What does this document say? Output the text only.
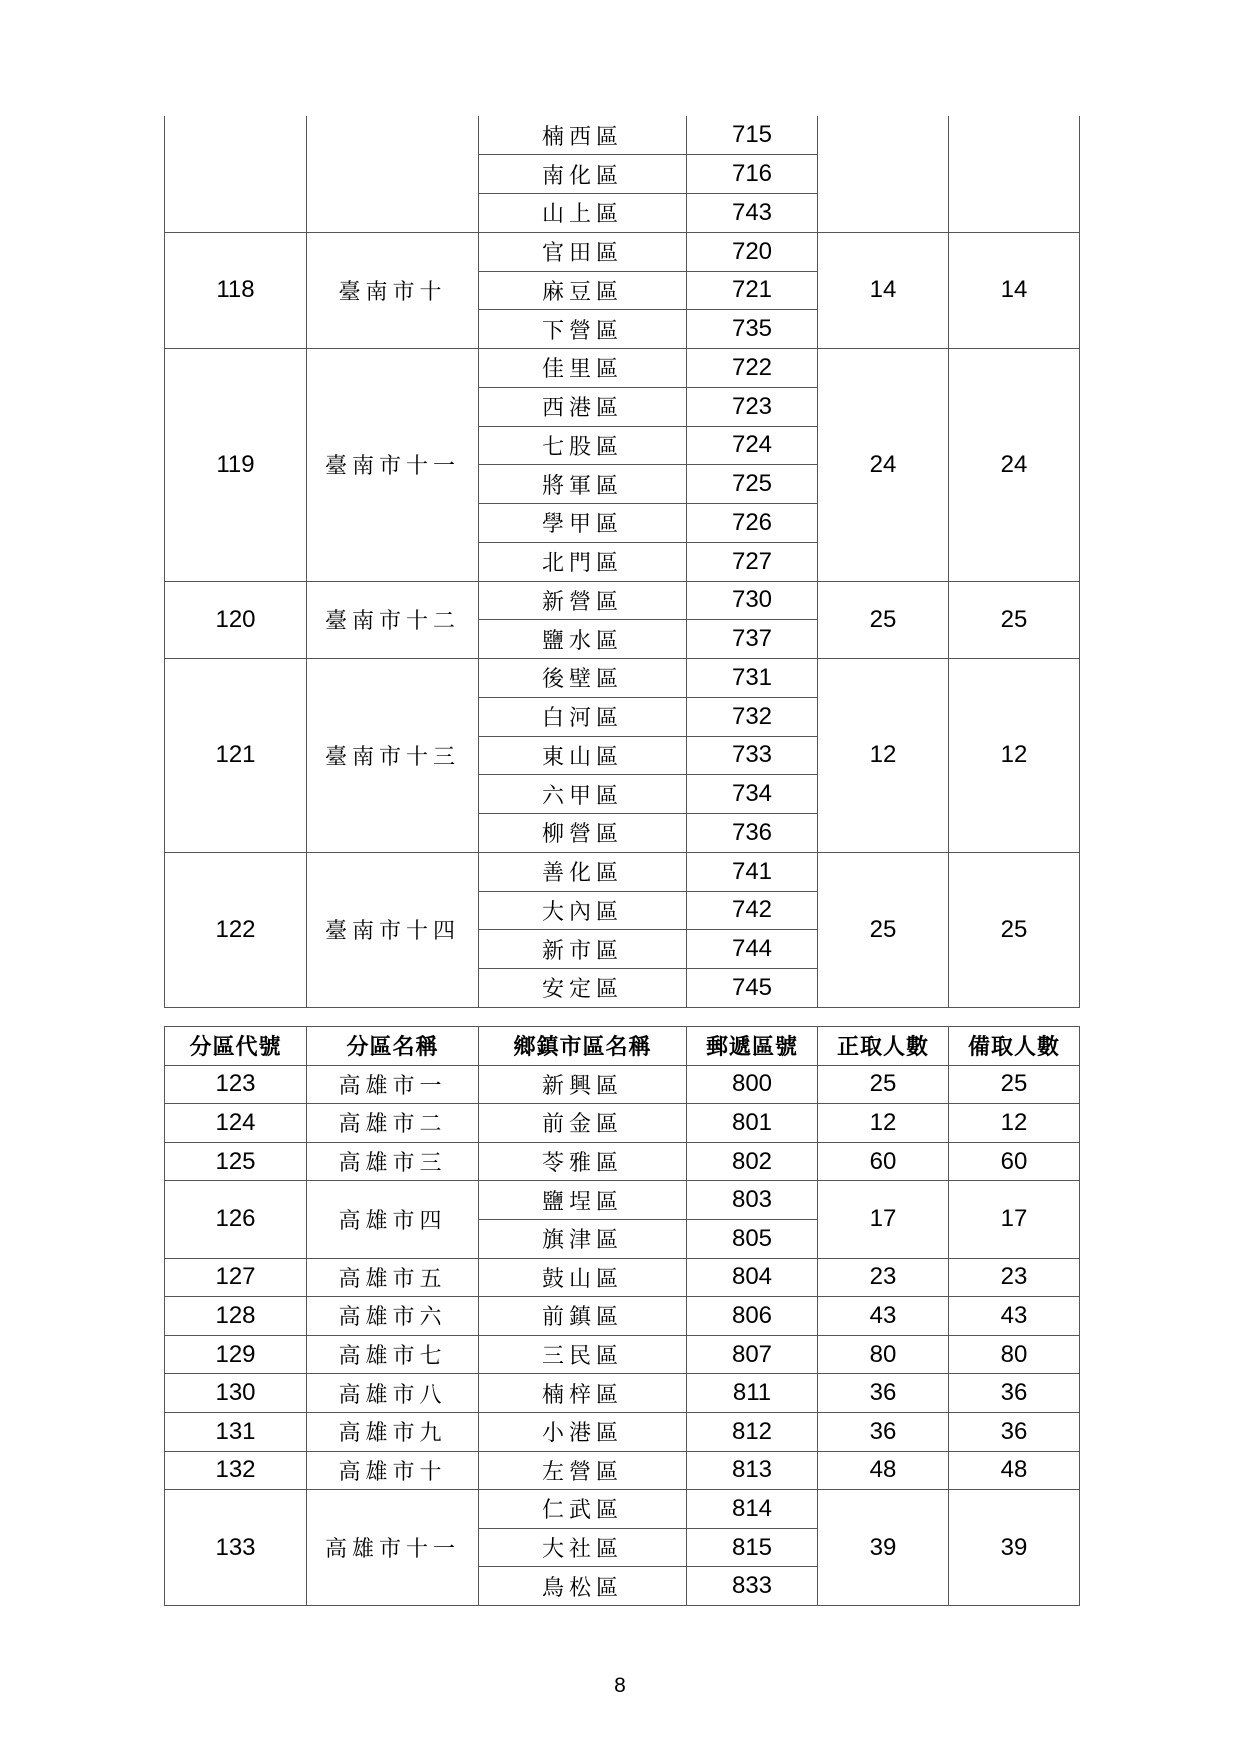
		楠西區	715		
		南化區	716		
		山上區	743		
118	臺南市十	官田區	720	14	14
		麻豆區	721		
		下營區	735		
119	臺南市十一	佳里區	722	24	24
		西港區	723		
		七股區	724		
		將軍區	725		
		學甲區	726		
		北門區	727		
120	臺南市十二	新營區	730	25	25
		鹽水區	737		
121	臺南市十三	後壁區	731	12	12
		白河區	732		
		東山區	733		
		六甲區	734		
		柳營區	736		
122	臺南市十四	善化區	741	25	25
		大內區	742		
		新市區	744		
		安定區	745		
分區代號	分區名稱	鄉鎮市區名稱	郵遞區號	正取人數	備取人數
123	高雄市一	新興區	800	25	25
124	高雄市二	前金區	801	12	12
125	高雄市三	苓雅區	802	60	60
126	高雄市四	鹽埕區	803	17	17
		旗津區	805		
127	高雄市五	鼓山區	804	23	23
128	高雄市六	前鎮區	806	43	43
129	高雄市七	三民區	807	80	80
130	高雄市八	楠梓區	811	36	36
131	高雄市九	小港區	812	36	36
132	高雄市十	左營區	813	48	48
133	高雄市十一	仁武區	814	39	39
		大社區	815		
		鳥松區	833		
8
